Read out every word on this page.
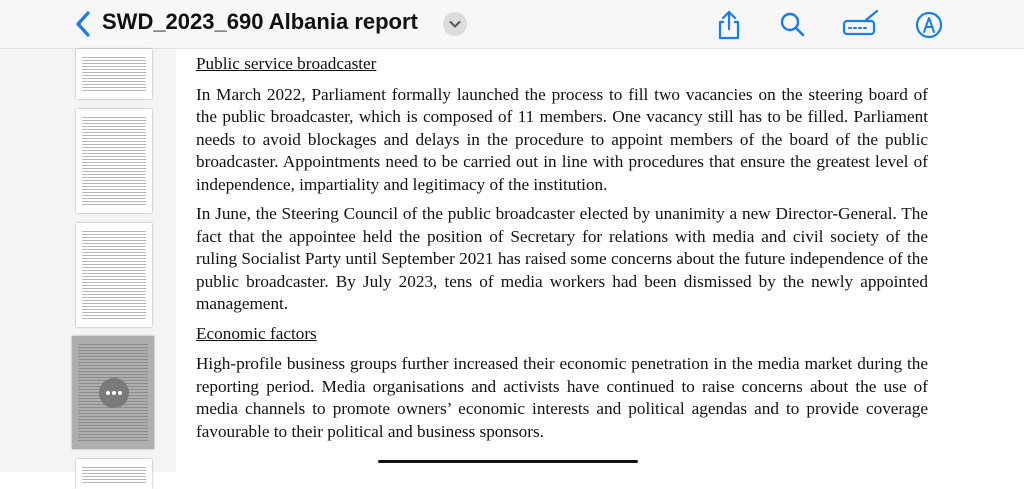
SWD_2023_690 Albania report
Public service broadcaster
In March 2022, Parliament formally launched the process to fill two vacancies on the steering board of the public broadcaster, which is composed of 11 members. One vacancy still has to be filled. Parliament needs to avoid blockages and delays in the procedure to appoint members of the board of the public broadcaster. Appointments need to be carried out in line with procedures that ensure the greatest level of independence, impartiality and legitimacy of the institution.
In June, the Steering Council of the public broadcaster elected by unanimity a new Director-General. The fact that the appointee held the position of Secretary for relations with media and civil society of the ruling Socialist Party until September 2021 has raised some concerns about the future independence of the public broadcaster. By July 2023, tens of media workers had been dismissed by the newly appointed management.
Economic factors
High-profile business groups further increased their economic penetration in the media market during the reporting period. Media organisations and activists have continued to raise concerns about the use of media channels to promote owners’ economic interests and political agendas and to provide coverage favourable to their political and business sponsors.
